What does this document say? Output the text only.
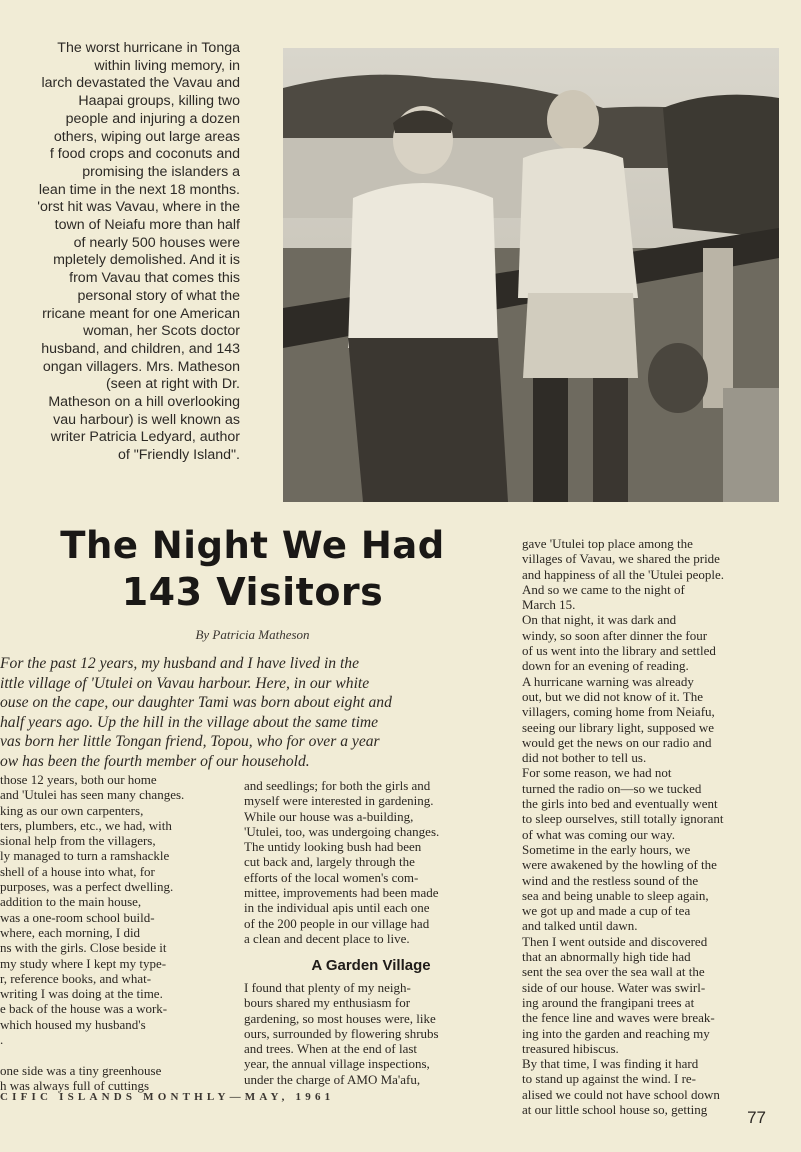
The worst hurricane in Tonga
within living memory, in
larch devastated the Vavau and
Haapai groups, killing two
people and injuring a dozen
others, wiping out large areas
f food crops and coconuts and
promising the islanders a
lean time in the next 18 months.
'orst hit was Vavau, where in the
town of Neiafu more than half
of nearly 500 houses were
mpletely demolished. And it is
from Vavau that comes this
personal story of what the
rricane meant for one American
woman, her Scots doctor
husband, and children, and 143
ongan villagers. Mrs. Matheson
(seen at right with Dr.
Matheson on a hill overlooking
vau harbour) is well known as
writer Patricia Ledyard, author
of "Friendly Island".
The Night We Had
143 Visitors
By Patricia Matheson
For the past 12 years, my husband and I have lived in the
ittle village of 'Utulei on Vavau harbour. Here, in our white
ouse on the cape, our daughter Tami was born about eight and
half years ago. Up the hill in the village about the same time
vas born her little Tongan friend, Topou, who for over a year
ow has been the fourth member of our household.
those 12 years, both our home
and 'Utulei has seen many changes.
king as our own carpenters,
ters, plumbers, etc., we had, with
sional help from the villagers,
ly managed to turn a ramshackle
shell of a house into what, for
purposes, was a perfect dwelling.
addition to the main house,
was a one-room school build-
where, each morning, I did
ns with the girls. Close beside it
my study where I kept my type-
r, reference books, and what-
writing I was doing at the time.
e back of the house was a work-
which housed my husband's
.

one side was a tiny greenhouse
h was always full of cuttings
and seedlings; for both the girls and
myself were interested in gardening.
While our house was a-building,
'Utulei, too, was undergoing changes.
The untidy looking bush had been
cut back and, largely through the
efforts of the local women's com-
mittee, improvements had been made
in the individual apis until each one
of the 200 people in our village had
a clean and decent place to live.
A Garden Village
I found that plenty of my neigh-
bours shared my enthusiasm for
gardening, so most houses were, like
ours, surrounded by flowering shrubs
and trees. When at the end of last
year, the annual village inspections,
under the charge of AMO Ma'afu,
gave 'Utulei top place among the
villages of Vavau, we shared the pride
and happiness of all the 'Utulei people.
And so we came to the night of
March 15.
On that night, it was dark and
windy, so soon after dinner the four
of us went into the library and settled
down for an evening of reading.
A hurricane warning was already
out, but we did not know of it. The
villagers, coming home from Neiafu,
seeing our library light, supposed we
would get the news on our radio and
did not bother to tell us.
For some reason, we had not
turned the radio on—so we tucked
the girls into bed and eventually went
to sleep ourselves, still totally ignorant
of what was coming our way.
Sometime in the early hours, we
were awakened by the howling of the
wind and the restless sound of the
sea and being unable to sleep again,
we got up and made a cup of tea
and talked until dawn.
Then I went outside and discovered
that an abnormally high tide had
sent the sea over the sea wall at the
side of our house. Water was swirl-
ing around the frangipani trees at
the fence line and waves were break-
ing into the garden and reaching my
treasured hibiscus.
By that time, I was finding it hard
to stand up against the wind. I re-
alised we could not have school down
at our little school house so, getting
CIFIC ISLANDS MONTHLY—MAY, 1961
77
